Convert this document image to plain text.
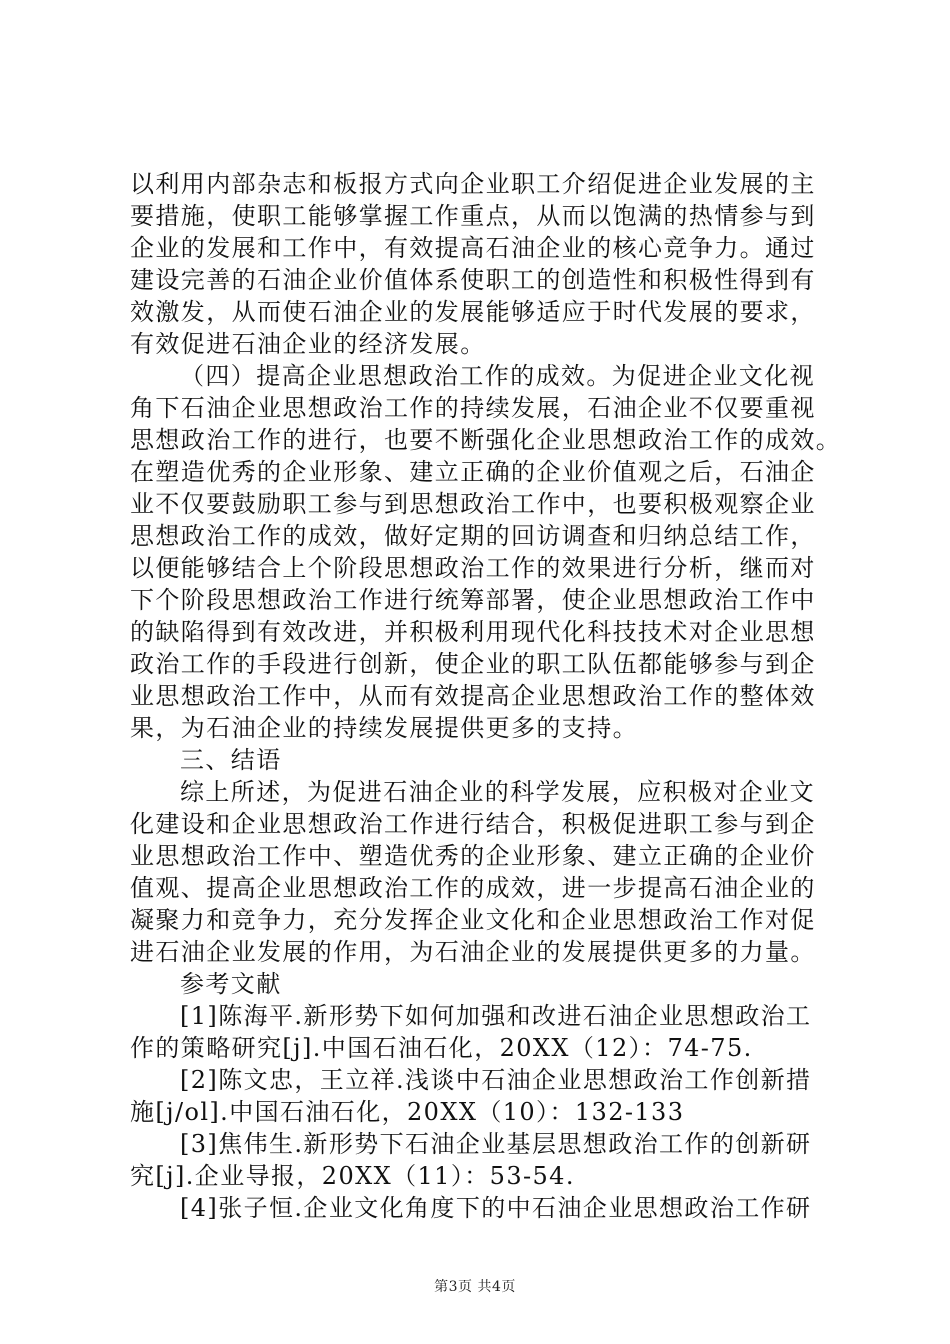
以利用内部杂志和板报方式向企业职工介绍促进企业发展的主
要措施，使职工能够掌握工作重点，从而以饱满的热情参与到
企业的发展和工作中，有效提高石油企业的核心竞争力。通过
建设完善的石油企业价值体系使职工的创造性和积极性得到有
效激发，从而使石油企业的发展能够适应于时代发展的要求，
有效促进石油企业的经济发展。
（四）提高企业思想政治工作的成效。为促进企业文化视
角下石油企业思想政治工作的持续发展，石油企业不仅要重视
思想政治工作的进行，也要不断强化企业思想政治工作的成效。
在塑造优秀的企业形象、建立正确的企业价值观之后，石油企
业不仅要鼓励职工参与到思想政治工作中，也要积极观察企业
思想政治工作的成效，做好定期的回访调查和归纳总结工作，
以便能够结合上个阶段思想政治工作的效果进行分析，继而对
下个阶段思想政治工作进行统筹部署，使企业思想政治工作中
的缺陷得到有效改进，并积极利用现代化科技技术对企业思想
政治工作的手段进行创新，使企业的职工队伍都能够参与到企
业思想政治工作中，从而有效提高企业思想政治工作的整体效
果，为石油企业的持续发展提供更多的支持。
三、结语
综上所述，为促进石油企业的科学发展，应积极对企业文
化建设和企业思想政治工作进行结合，积极促进职工参与到企
业思想政治工作中、塑造优秀的企业形象、建立正确的企业价
值观、提高企业思想政治工作的成效，进一步提高石油企业的
凝聚力和竞争力，充分发挥企业文化和企业思想政治工作对促
进石油企业发展的作用，为石油企业的发展提供更多的力量。
参考文献
[1]陈海平.新形势下如何加强和改进石油企业思想政治工
作的策略研究[j].中国石油石化，20XX（12）：74-75.
[2]陈文忠，王立祥.浅谈中石油企业思想政治工作创新措
施[j/ol].中国石油石化，20XX（10）：132-133
[3]焦伟生.新形势下石油企业基层思想政治工作的创新研
究[j].企业导报，20XX（11）：53-54.
[4]张子恒.企业文化角度下的中石油企业思想政治工作研
第3页 共4页
